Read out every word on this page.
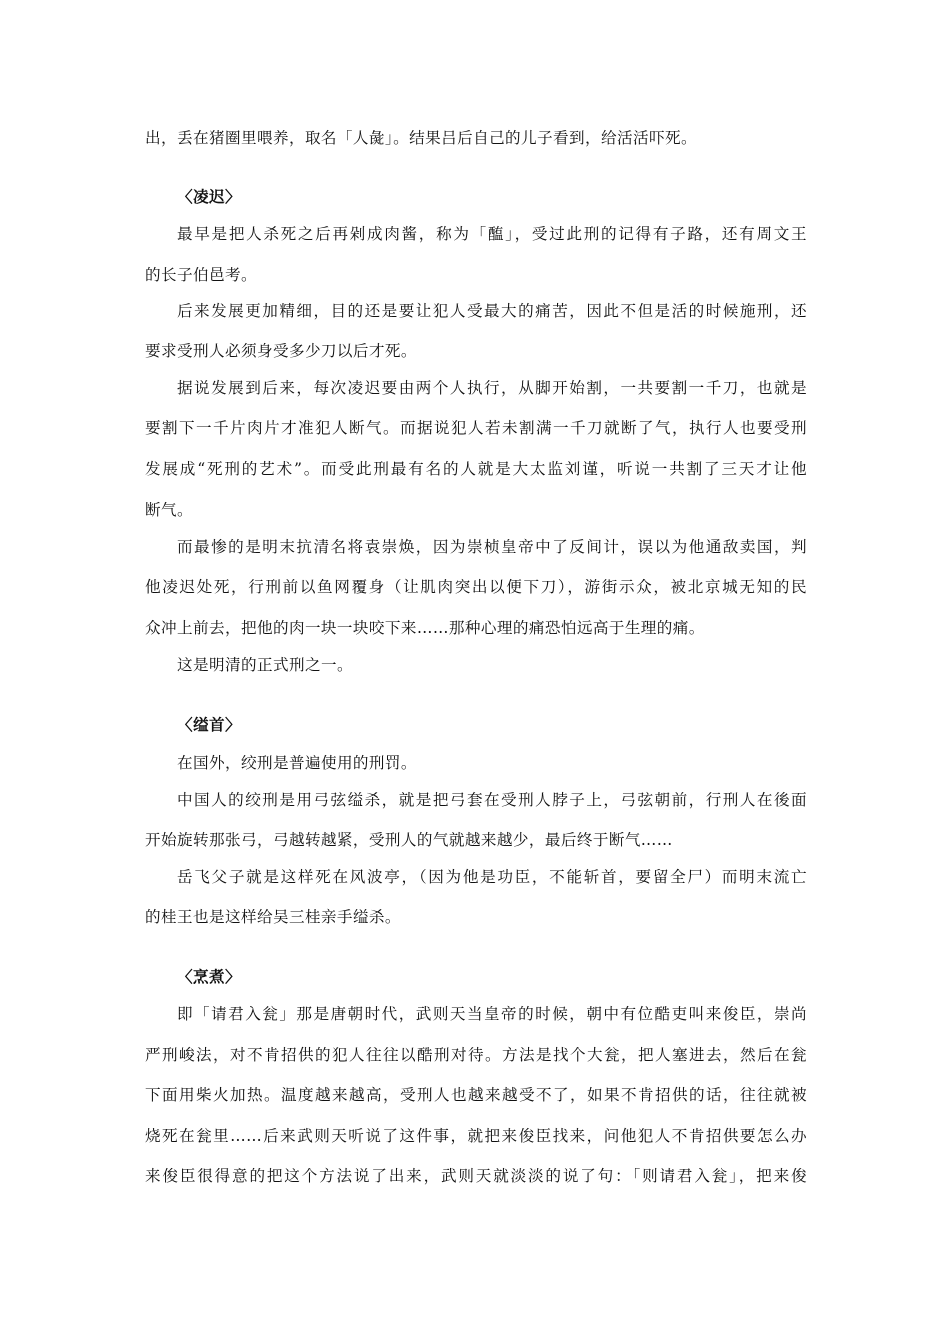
出，丢在猪圈里喂养，取名「人彘」。结果吕后自己的儿子看到，给活活吓死。
〈凌迟〉
最早是把人杀死之后再剁成肉酱，称为「醢」，受过此刑的记得有子路，还有周文王
的长子伯邑考。
后来发展更加精细，目的还是要让犯人受最大的痛苦，因此不但是活的时候施刑，还
要求受刑人必须身受多少刀以后才死。
据说发展到后来，每次凌迟要由两个人执行，从脚开始割，一共要割一千刀，也就是
要割下一千片肉片才准犯人断气。而据说犯人若未割满一千刀就断了气，执行人也要受刑
发展成“死刑的艺术”。而受此刑最有名的人就是大太监刘谨，听说一共割了三天才让他
断气。
而最惨的是明末抗清名将袁崇焕，因为崇桢皇帝中了反间计，误以为他通敌卖国，判
他凌迟处死，行刑前以鱼网覆身（让肌肉突出以便下刀），游街示众，被北京城无知的民
众冲上前去，把他的肉一块一块咬下来……那种心理的痛恐怕远高于生理的痛。
这是明清的正式刑之一。
〈缢首〉
在国外，绞刑是普遍使用的刑罚。
中国人的绞刑是用弓弦缢杀，就是把弓套在受刑人脖子上，弓弦朝前，行刑人在後面
开始旋转那张弓，弓越转越紧，受刑人的气就越来越少，最后终于断气……
岳飞父子就是这样死在风波亭，（因为他是功臣，不能斩首，要留全尸）而明末流亡
的桂王也是这样给吴三桂亲手缢杀。
〈烹煮〉
即「请君入瓮」那是唐朝时代，武则天当皇帝的时候，朝中有位酷吏叫来俊臣，崇尚
严刑峻法，对不肯招供的犯人往往以酷刑对待。方法是找个大瓮，把人塞进去，然后在瓮
下面用柴火加热。温度越来越高，受刑人也越来越受不了，如果不肯招供的话，往往就被
烧死在瓮里……后来武则天听说了这件事，就把来俊臣找来，问他犯人不肯招供要怎么办
来俊臣很得意的把这个方法说了出来，武则天就淡淡的说了句：「则请君入瓮」，把来俊
